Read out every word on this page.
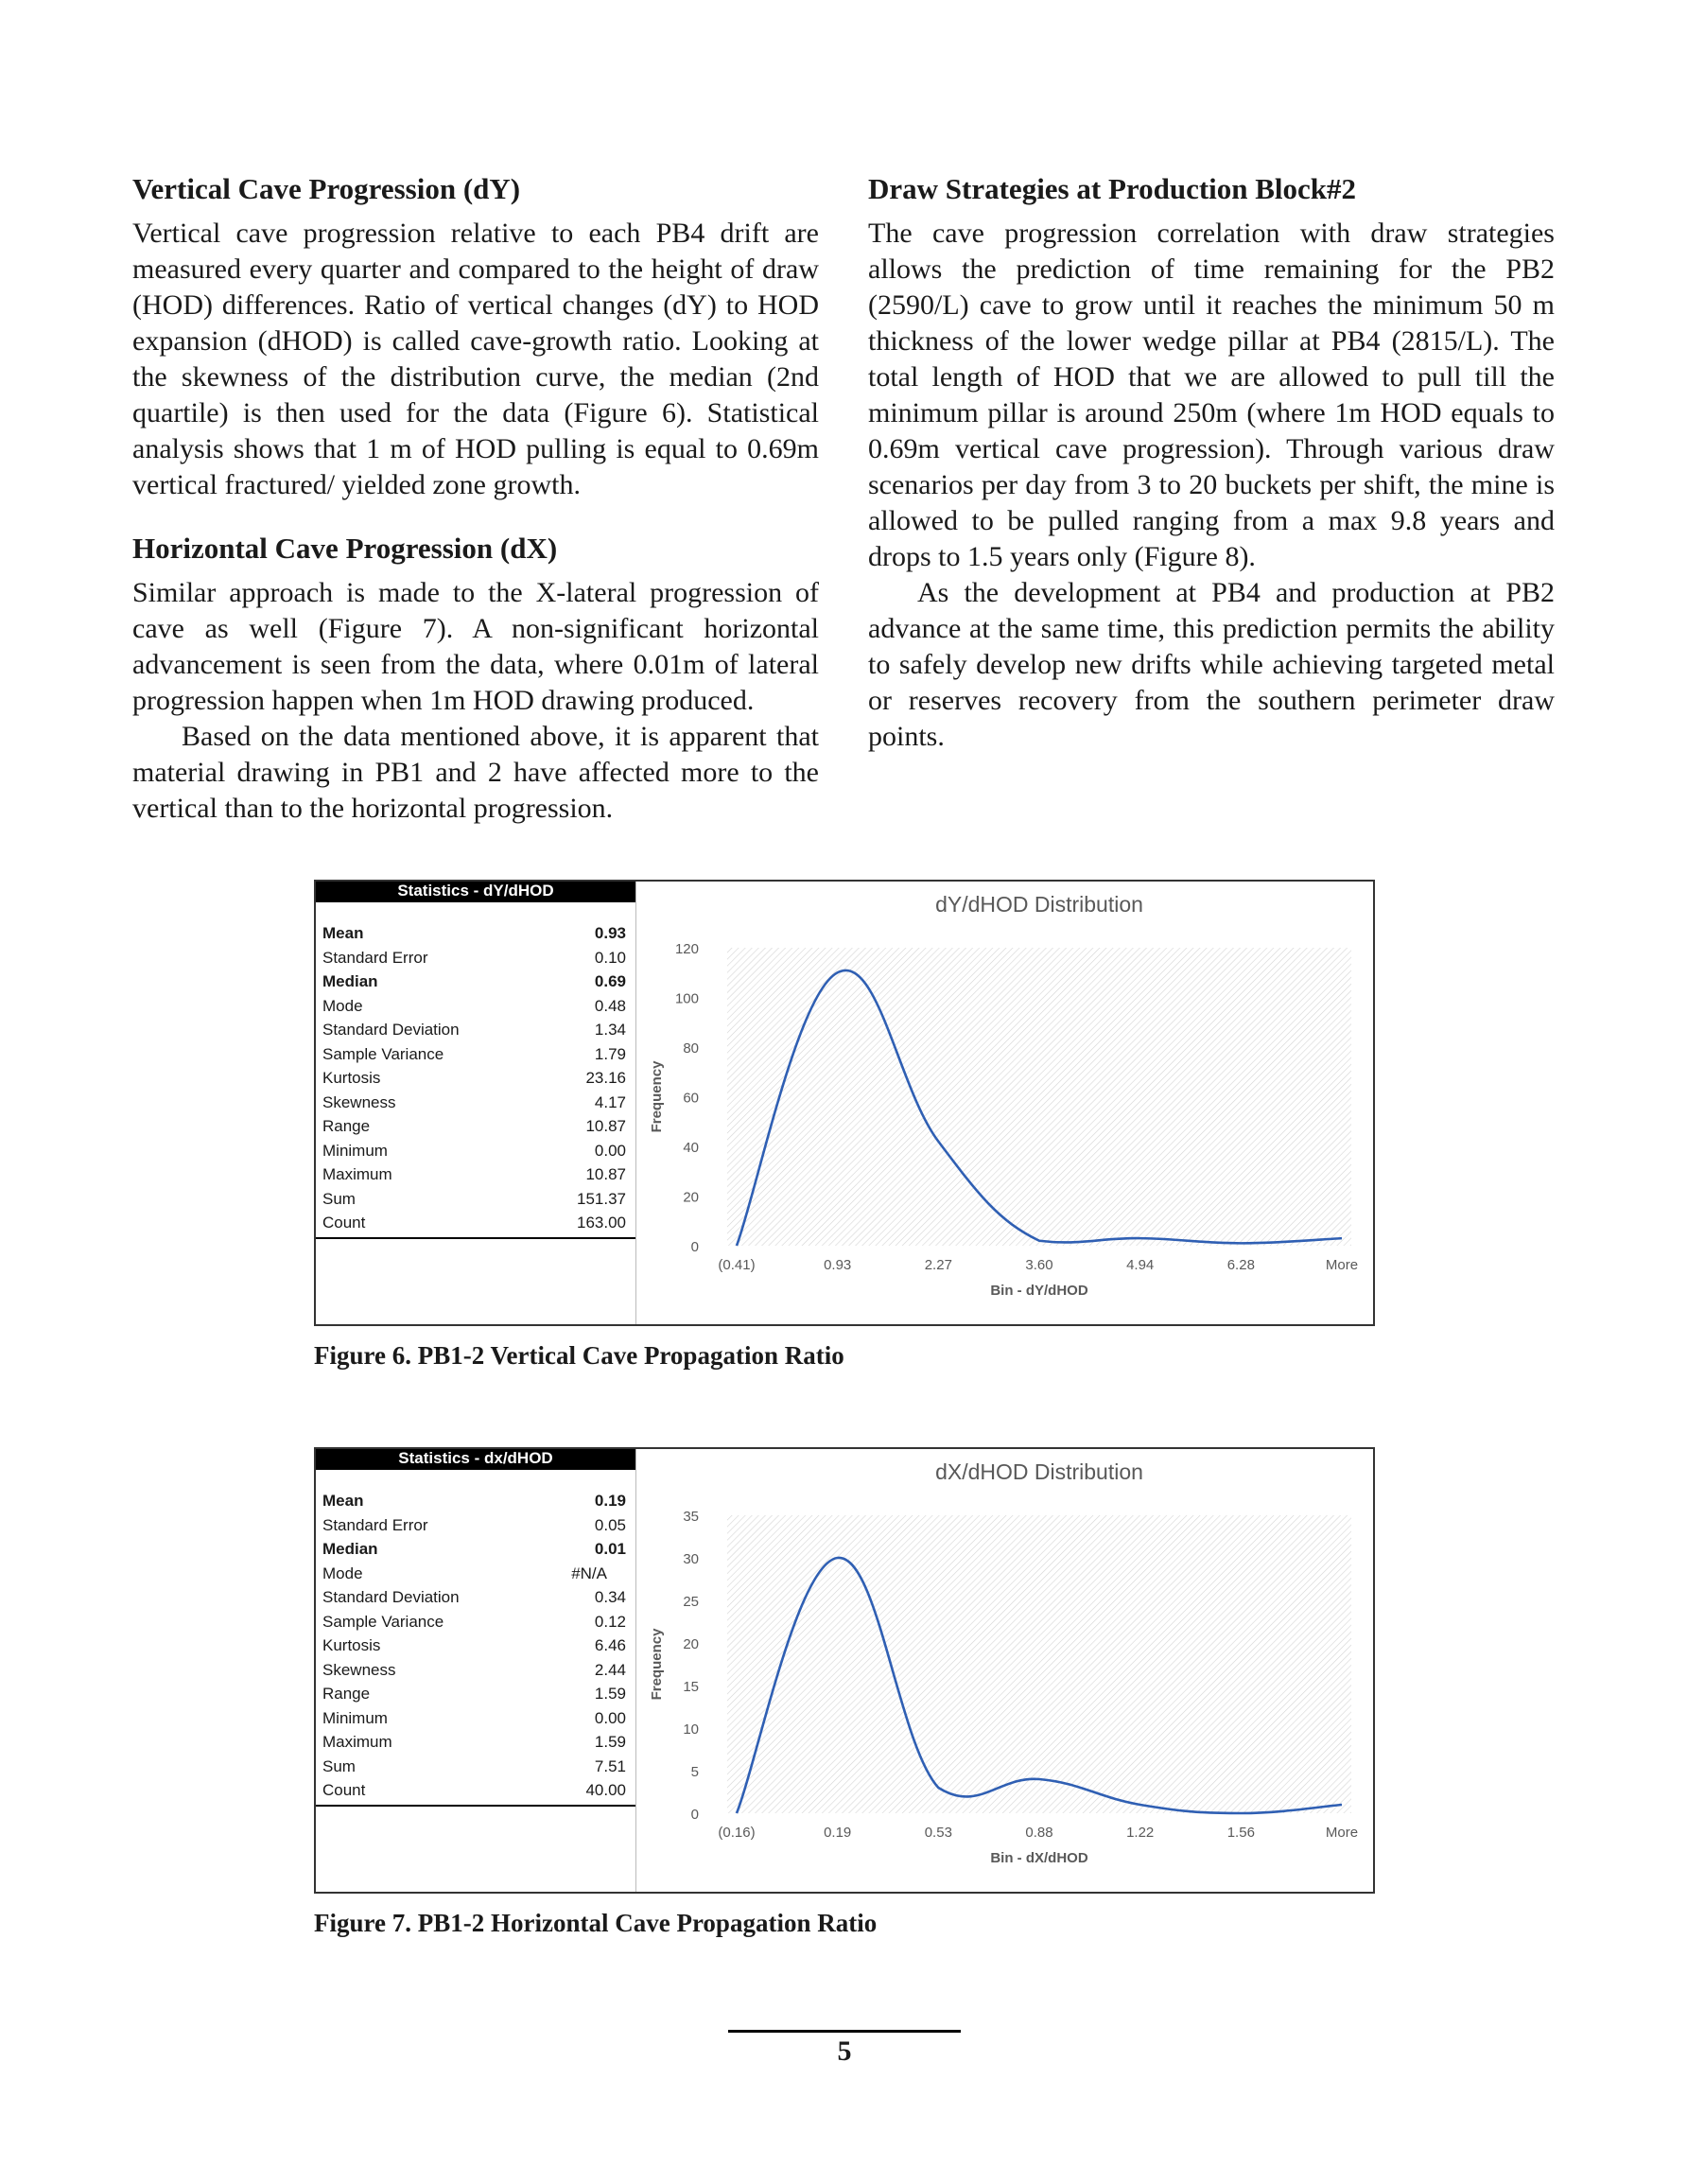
Vertical Cave Progression (dY)

Vertical cave progression relative to each PB4 drift are measured every quarter and compared to the height of draw (HOD) differences. Ratio of vertical changes (dY) to HOD expansion (dHOD) is called cave-growth ratio. Looking at the skewness of the distribution curve, the median (2nd quartile) is then used for the data (Figure 6). Statistical analysis shows that 1 m of HOD pulling is equal to 0.69m vertical fractured/ yielded zone growth.

Horizontal Cave Progression (dX)

Similar approach is made to the X-lateral progression of cave as well (Figure 7). A non-significant horizontal advancement is seen from the data, where 0.01m of lateral progression happen when 1m HOD drawing produced.

Based on the data mentioned above, it is apparent that material drawing in PB1 and 2 have affected more to the vertical than to the horizontal progression.

Draw Strategies at Production Block#2

The cave progression correlation with draw strategies allows the prediction of time remaining for the PB2 (2590/L) cave to grow until it reaches the minimum 50 m thickness of the lower wedge pillar at PB4 (2815/L). The total length of HOD that we are allowed to pull till the minimum pillar is around 250m (where 1m HOD equals to 0.69m vertical cave progression). Through various draw scenarios per day from 3 to 20 buckets per shift, the mine is allowed to be pulled ranging from a max 9.8 years and drops to 1.5 years only (Figure 8).

As the development at PB4 and production at PB2 advance at the same time, this prediction permits the ability to safely develop new drifts while achieving targeted metal or reserves recovery from the southern perimeter draw points.

Statistics - dY/dHOD
Mean	0.93
Standard Error	0.10
Median	0.69
Mode	0.48
Standard Deviation	1.34
Sample Variance	1.79
Kurtosis	23.16
Skewness	4.17
Range	10.87
Minimum	0.00
Maximum	10.87
Sum	151.37
Count	163.00
dY/dHOD Distribution
0
20
40
60
80
100
120
(0.41)	0.93	2.27	3.60	4.94	6.28	More
Frequency
Bin - dY/dHOD
Figure 6. PB1-2 Vertical Cave Propagation Ratio
Statistics - dx/dHOD
Mean	0.19
Standard Error	0.05
Median	0.01
Mode	#N/A
Standard Deviation	0.34
Sample Variance	0.12
Kurtosis	6.46
Skewness	2.44
Range	1.59
Minimum	0.00
Maximum	1.59
Sum	7.51
Count	40.00
dX/dHOD Distribution
0
5
10
15
20
25
30
35
(0.16)	0.19	0.53	0.88	1.22	1.56	More
Frequency
Bin - dX/dHOD
Figure 7. PB1-2 Horizontal Cave Propagation Ratio
5
